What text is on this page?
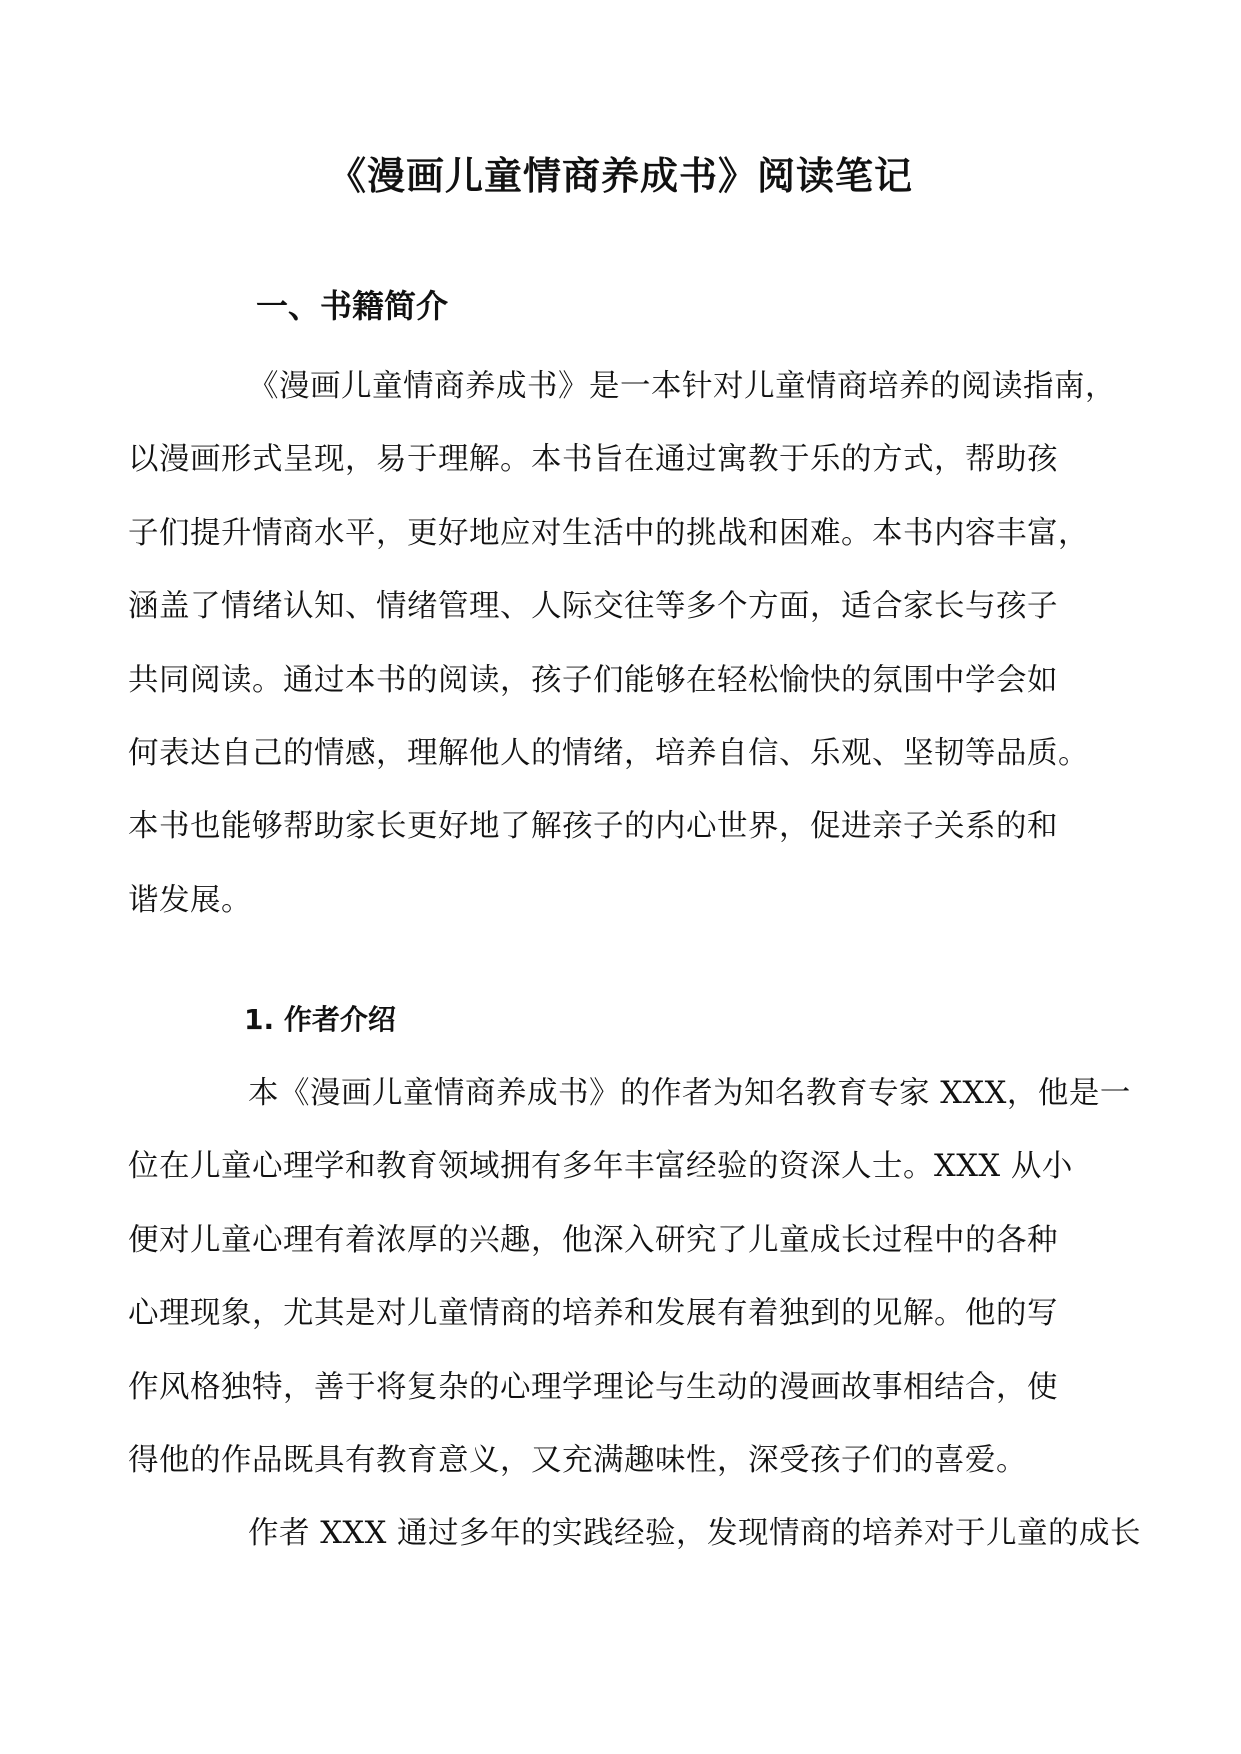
《漫画儿童情商养成书》阅读笔记
一、书籍简介
《漫画儿童情商养成书》是一本针对儿童情商培养的阅读指南，
以漫画形式呈现，易于理解。本书旨在通过寓教于乐的方式，帮助孩
子们提升情商水平，更好地应对生活中的挑战和困难。本书内容丰富，
涵盖了情绪认知、情绪管理、人际交往等多个方面，适合家长与孩子
共同阅读。通过本书的阅读，孩子们能够在轻松愉快的氛围中学会如
何表达自己的情感，理解他人的情绪，培养自信、乐观、坚韧等品质。
本书也能够帮助家长更好地了解孩子的内心世界，促进亲子关系的和
谐发展。
1. 作者介绍
本《漫画儿童情商养成书》的作者为知名教育专家 XXX，他是一
位在儿童心理学和教育领域拥有多年丰富经验的资深人士。XXX 从小
便对儿童心理有着浓厚的兴趣，他深入研究了儿童成长过程中的各种
心理现象，尤其是对儿童情商的培养和发展有着独到的见解。他的写
作风格独特，善于将复杂的心理学理论与生动的漫画故事相结合，使
得他的作品既具有教育意义，又充满趣味性，深受孩子们的喜爱。
作者 XXX 通过多年的实践经验，发现情商的培养对于儿童的成长
